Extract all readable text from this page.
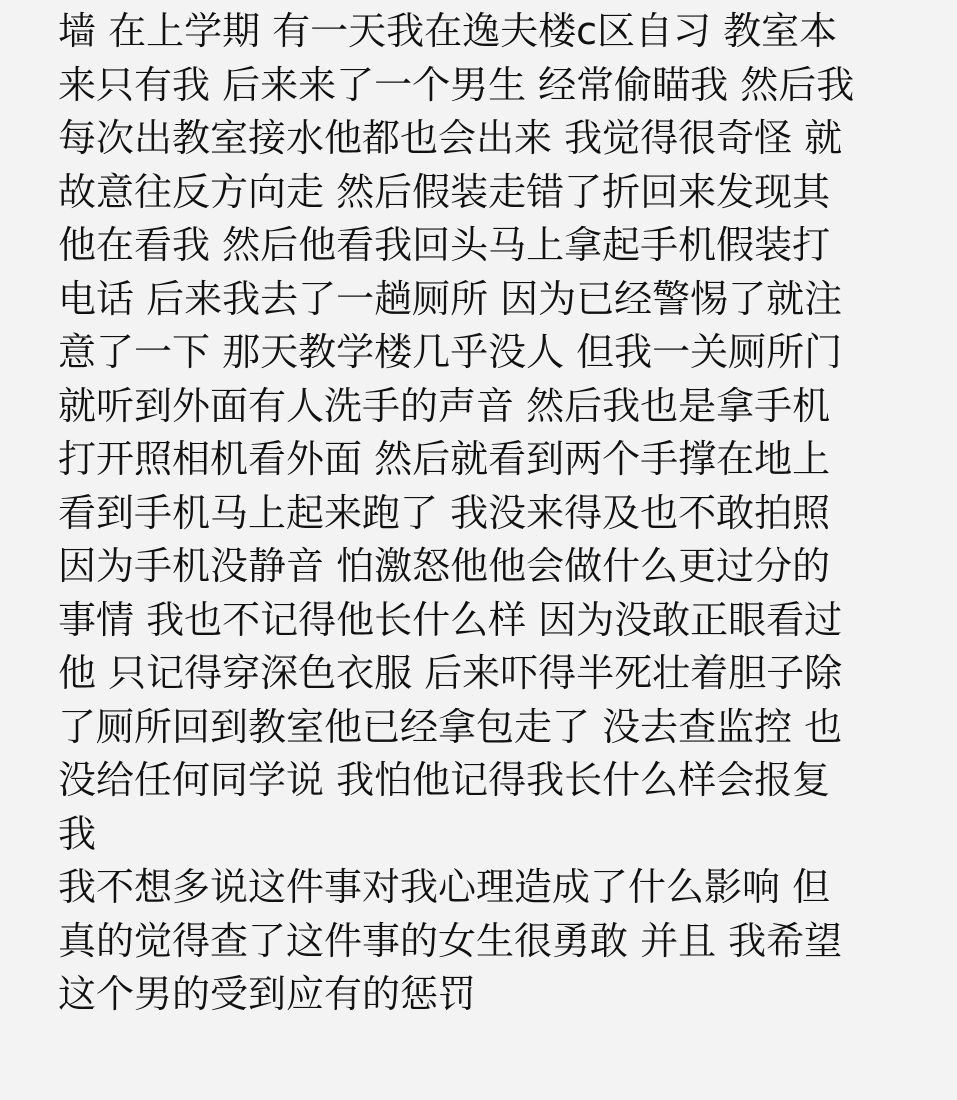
墙 在上学期 有一天我在逸夫楼c区自习 教室本
来只有我 后来来了一个男生 经常偷瞄我 然后我
每次出教室接水他都也会出来 我觉得很奇怪 就
故意往反方向走 然后假装走错了折回来发现其
他在看我 然后他看我回头马上拿起手机假装打
电话 后来我去了一趟厕所 因为已经警惕了就注
意了一下 那天教学楼几乎没人 但我一关厕所门
就听到外面有人洗手的声音 然后我也是拿手机
打开照相机看外面 然后就看到两个手撑在地上
看到手机马上起来跑了 我没来得及也不敢拍照
因为手机没静音 怕激怒他他会做什么更过分的
事情 我也不记得他长什么样 因为没敢正眼看过
他 只记得穿深色衣服 后来吓得半死壮着胆子除
了厕所回到教室他已经拿包走了 没去查监控 也
没给任何同学说 我怕他记得我长什么样会报复
我
我不想多说这件事对我心理造成了什么影响 但
真的觉得查了这件事的女生很勇敢 并且 我希望
这个男的受到应有的惩罚
